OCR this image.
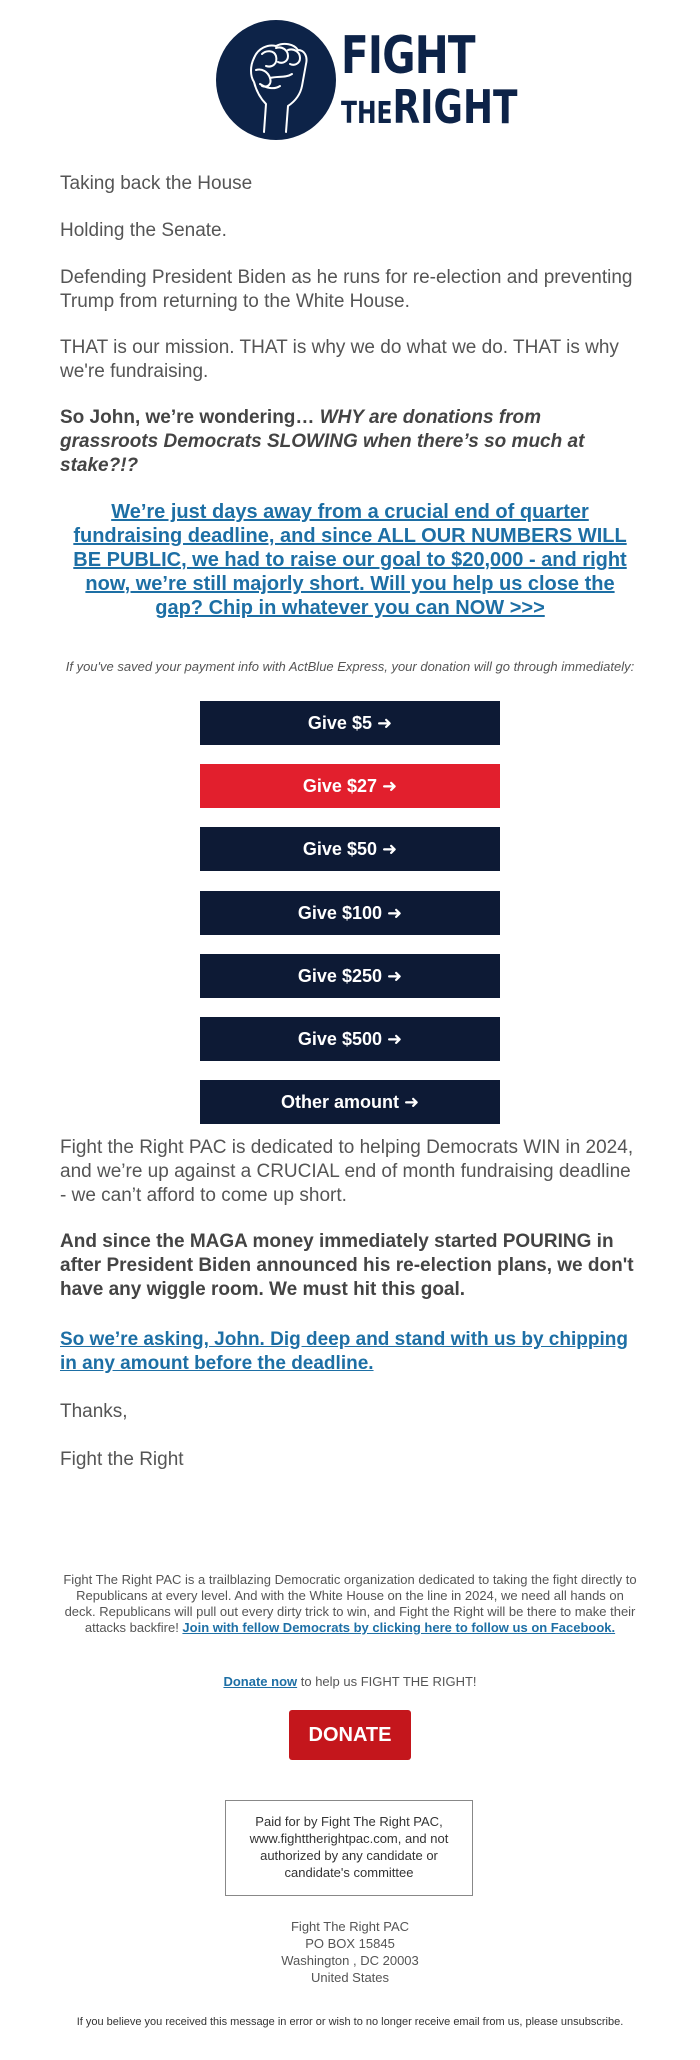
FIGHT
THERIGHT

Taking back the House

Holding the Senate.

Defending President Biden as he runs for re-election and preventing Trump from returning to the White House.

THAT is our mission. THAT is why we do what we do. THAT is why we're fundraising.

So John, we’re wondering… WHY are donations from grassroots Democrats SLOWING when there’s so much at stake?!?

We’re just days away from a crucial end of quarter fundraising deadline, and since ALL OUR NUMBERS WILL BE PUBLIC, we had to raise our goal to $20,000 - and right now, we’re still majorly short. Will you help us close the gap? Chip in whatever you can NOW >>>
If you've saved your payment info with ActBlue Express, your donation will go through immediately:
Give $5 ➜
Give $27 ➜
Give $50 ➜
Give $100 ➜
Give $250 ➜
Give $500 ➜
Other amount ➜

Fight the Right PAC is dedicated to helping Democrats WIN in 2024, and we’re up against a CRUCIAL end of month fundraising deadline - we can’t afford to come up short.

And since the MAGA money immediately started POURING in after President Biden announced his re-election plans, we don't have any wiggle room. We must hit this goal.

So we’re asking, John. Dig deep and stand with us by chipping in any amount before the deadline.

Thanks,

Fight the Right

Fight The Right PAC is a trailblazing Democratic organization dedicated to taking the fight directly to Republicans at every level. And with the White House on the line in 2024, we need all hands on deck. Republicans will pull out every dirty trick to win, and Fight the Right will be there to make their attacks backfire! Join with fellow Democrats by clicking here to follow us on Facebook.
Donate now to help us FIGHT THE RIGHT!
DONATE
Paid for by Fight The Right PAC, www.fighttherightpac.com, and not authorized by any candidate or candidate's committee
Fight The Right PAC
PO BOX 15845
Washington , DC 20003
United States
If you believe you received this message in error or wish to no longer receive email from us, please unsubscribe.
